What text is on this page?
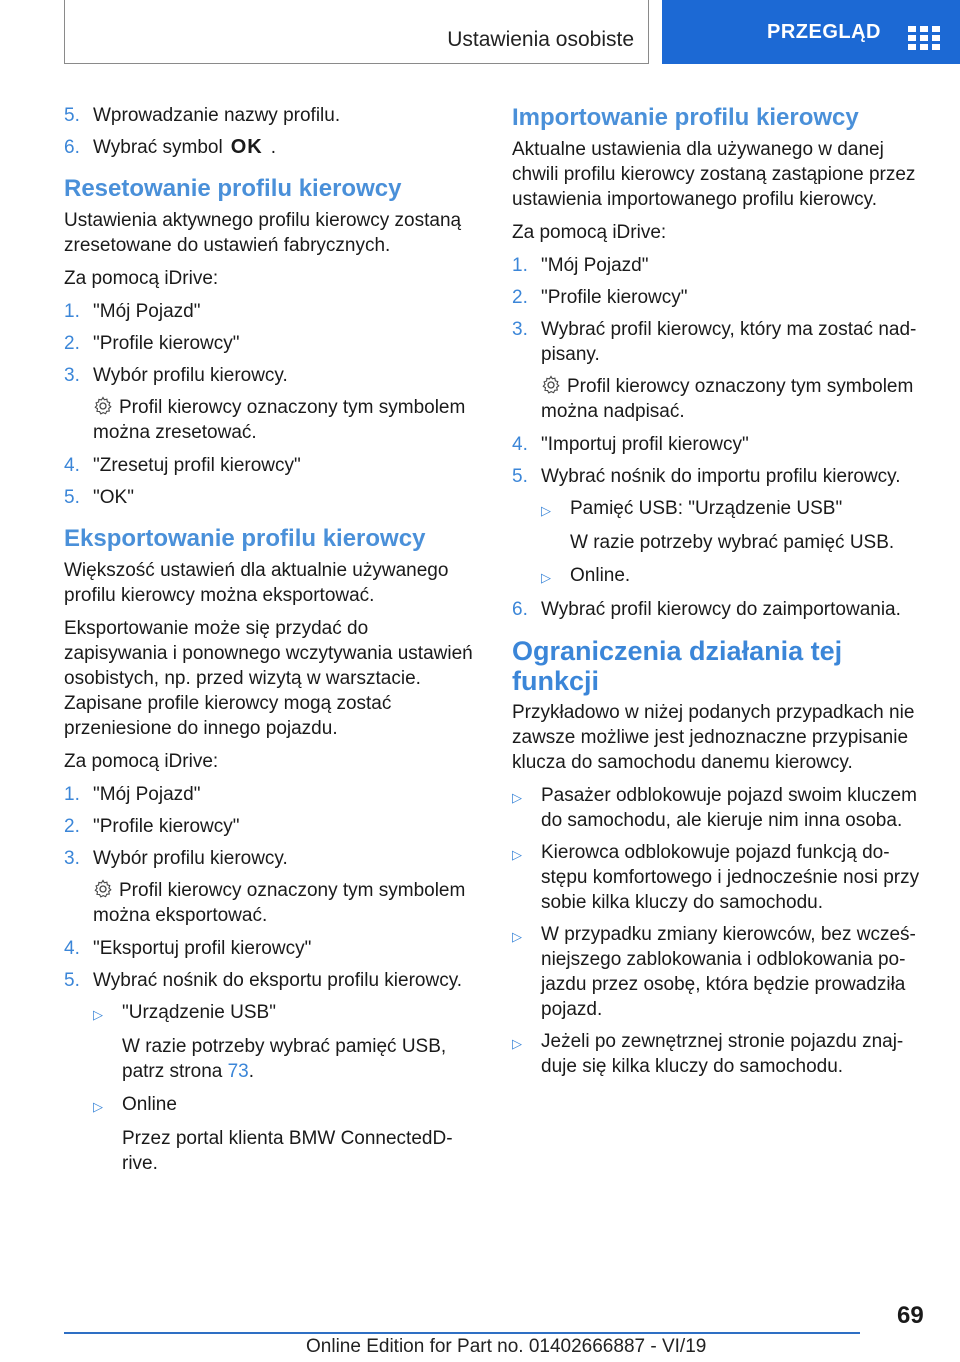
Ustawienia osobiste	PRZEGLĄD
5. Wprowadzanie nazwy profilu.
6. Wybrać symbol OK .
Resetowanie profilu kierowcy

Ustawienia aktywnego profilu kierowcy zostaną zresetowane do ustawień fabrycznych.

Za pomocą iDrive:

1. "Mój Pojazd"
2. "Profile kierowcy"
3. Wybór profilu kierowcy.
Profil kierowcy oznaczony tym symbolem można zresetować.
4. "Zresetuj profil kierowcy"
5. "OK"
Eksportowanie profilu kierowcy

Większość ustawień dla aktualnie używanego profilu kierowcy można eksportować.

Eksportowanie może się przydać do zapisywania i ponownego wczytywania ustawień osobistych, np. przed wizytą w warsztacie. Zapisane profile kierowcy mogą zostać przeniesione do innego pojazdu.

Za pomocą iDrive:

1. "Mój Pojazd"
2. "Profile kierowcy"
3. Wybór profilu kierowcy.
Profil kierowcy oznaczony tym symbolem można eksportować.
4. "Eksportuj profil kierowcy"
5. Wybrać nośnik do eksportu profilu kierowcy.
▷	"Urządzenie USB"
W razie potrzeby wybrać pamięć USB, patrz strona 73.
▷	Online
Przez portal klienta BMW ConnectedD-rive.
Importowanie profilu kierowcy

Aktualne ustawienia dla używanego w danej chwili profilu kierowcy zostaną zastąpione przez ustawienia importowanego profilu kierowcy.

Za pomocą iDrive:

1. "Mój Pojazd"
2. "Profile kierowcy"
3. Wybrać profil kierowcy, który ma zostać nad-pisany.
Profil kierowcy oznaczony tym symbolem można nadpisać.
4. "Importuj profil kierowcy"
5. Wybrać nośnik do importu profilu kierowcy.
▷	Pamięć USB: "Urządzenie USB"
W razie potrzeby wybrać pamięć USB.
▷	Online.
6. Wybrać profil kierowcy do zaimportowania.
Ograniczenia działania tej funkcji

Przykładowo w niżej podanych przypadkach nie zawsze możliwe jest jednoznaczne przypisanie klucza do samochodu danemu kierowcy.

▷	Pasażer odblokowuje pojazd swoim kluczem do samochodu, ale kieruje nim inna osoba.
▷	Kierowca odblokowuje pojazd funkcją do-stępu komfortowego i jednocześnie nosi przy sobie kilka kluczy do samochodu.
▷	W przypadku zmiany kierowców, bez wcześ-niejszego zablokowania i odblokowania po-jazdu przez osobę, która będzie prowadziła pojazd.
▷	Jeżeli po zewnętrznej stronie pojazdu znaj-duje się kilka kluczy do samochodu.
69
Online Edition for Part no. 01402666887 - VI/19
